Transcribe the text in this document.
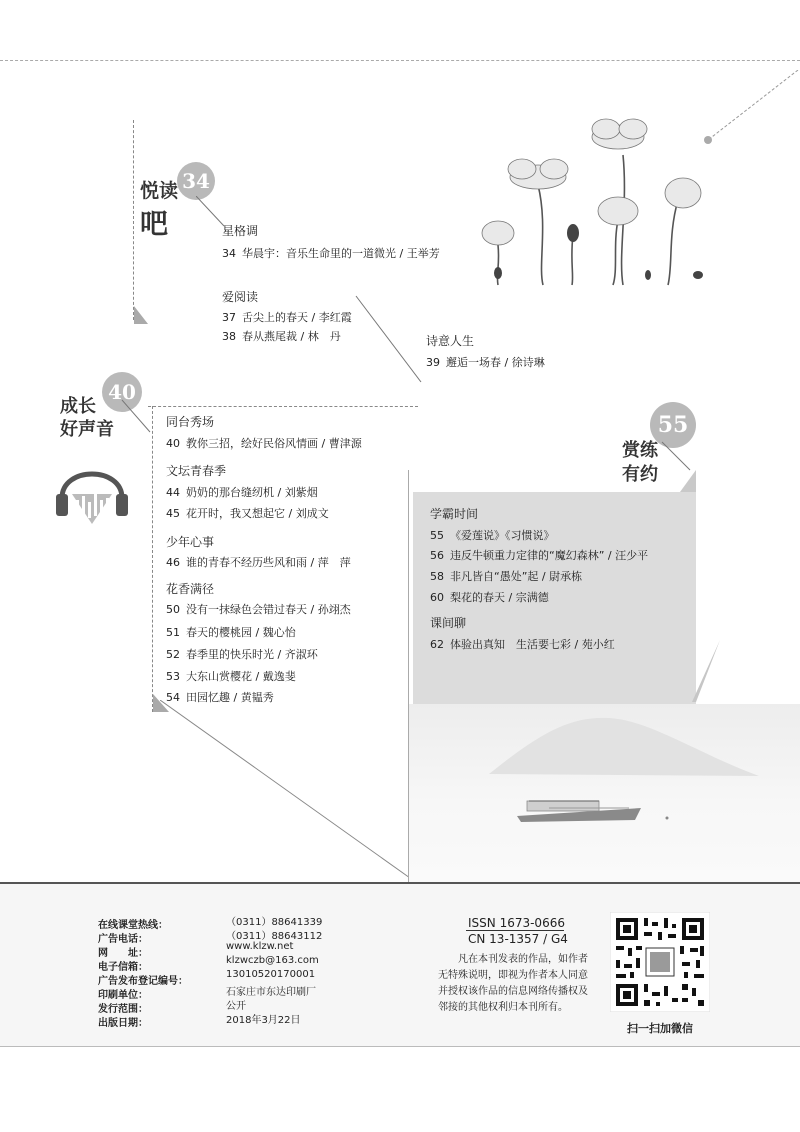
34
悦读
吧	星格调
34 华晨宇：音乐生命里的一道微光 / 王举芳
爱阅读
37 舌尖上的春天 / 李红霞
38 春从燕尾裁 / 林　丹	诗意人生
39 邂逅一场春 / 徐诗琳
40
成长
好声音	同台秀场
40 教你三招，绘好民俗风情画 / 曹津源
文坛青春季
44 奶奶的那台缝纫机 / 刘紫烟
45 花开时，我又想起它 / 刘成文
少年心事
46 谁的青春不经历些风和雨 / 萍　萍
花香满径
50 没有一抹绿色会错过春天 / 孙翊杰
51 春天的樱桃园 / 魏心怡
52 春季里的快乐时光 / 齐淑环
53 大东山赏樱花 / 戴逸斐
54 田园忆趣 / 黄韫秀
55
赏练
有约
学霸时间
55 《爱莲说》《习惯说》
56 违反牛顿重力定律的“魔幻森林” / 汪少平
58 非凡皆自“愚处”起 / 尉承栋
60 梨花的春天 / 宗满德
课间聊
62 体验出真知　生活要七彩 / 苑小红
在线课堂热线：	（0311）88641339
广告电话：	（0311）88643112
网　　址：
www.klzw.net
电子信箱：
klzwczb@163.com
广告发布登记编号：
13010520170001
印刷单位：	石家庄市东达印刷厂
发行范围：	公开
出版日期：	2018年3月22日
ISSN 1673-0666
CN 13-1357 / G4
凡在本刊发表的作品，如作者无特殊说明，即视为作者本人同意并授权该作品的信息网络传播权及邻接的其他权利归本刊所有。
扫一扫加微信
